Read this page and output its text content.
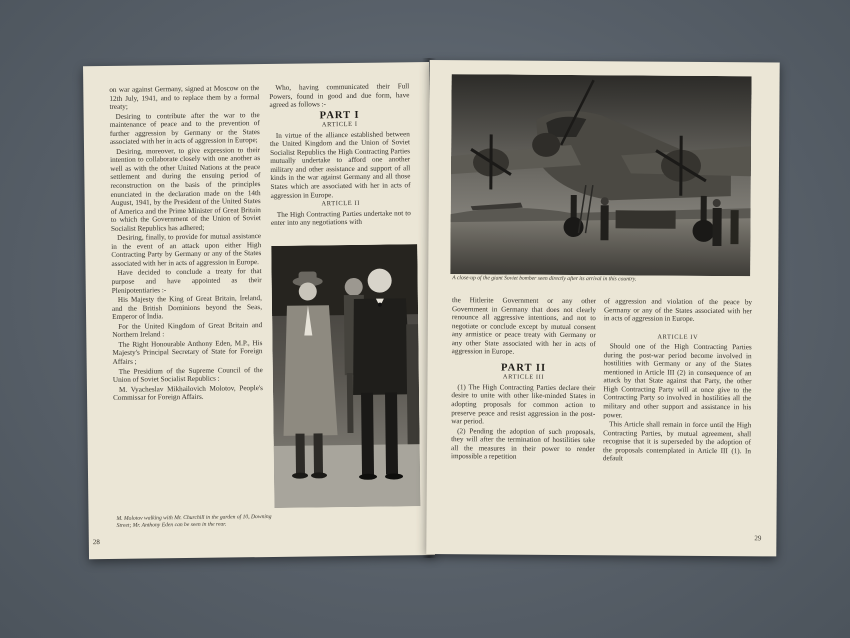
on war against Germany, signed at Moscow on the 12th July, 1941, and to replace them by a formal treaty;

Desiring to contribute after the war to the maintenance of peace and to the prevention of further aggression by Germany or the States associated with her in acts of aggression in Europe;

Desiring, moreover, to give expression to their intention to collaborate closely with one another as well as with the other United Nations at the peace settlement and during the ensuing period of reconstruction on the basis of the principles enunciated in the declaration made on the 14th August, 1941, by the President of the United States of America and the Prime Minister of Great Britain to which the Government of the Union of Soviet Socialist Republics has adhered;

Desiring, finally, to provide for mutual assistance in the event of an attack upon either High Contracting Party by Germany or any of the States associated with her in acts of aggression in Europe.

Have decided to conclude a treaty for that purpose and have appointed as their Plenipotentiaries :-

His Majesty the King of Great Britain, Ireland, and the British Dominions beyond the Seas, Emperor of India.

For the United Kingdom of Great Britain and Northern Ireland :

The Right Honourable Anthony Eden, M.P., His Majesty's Principal Secretary of State for Foreign Affairs ;

The Presidium of the Supreme Council of the Union of Soviet Socialist Republics :

M. Vyacheslav Mikhailovich Molotov, People's Commissar for Foreign Affairs.

Who, having communicated their Full Powers, found in good and due form, have agreed as follows :-

PART I
ARTICLE I

In virtue of the alliance established between the United Kingdom and the Union of Soviet Socialist Republics the High Contracting Parties mutually undertake to afford one another military and other assistance and support of all kinds in the war against Germany and all those States which are associated with her in acts of aggression in Europe.

ARTICLE II

The High Contracting Parties undertake not to enter into any negotiations with

M. Molotov walking with Mr. Churchill in the garden of 10, Downing Street; Mr. Anthony Eden can be seen in the rear.
28
A close-up of the giant Soviet bomber seen directly after its arrival in this country.

the Hitlerite Government or any other Government in Germany that does not clearly renounce all aggressive intentions, and not to negotiate or conclude except by mutual consent any armistice or peace treaty with Germany or any other State associated with her in acts of aggression in Europe.

PART II
ARTICLE III

(1) The High Contracting Parties declare their desire to unite with other like-minded States in adopting proposals for common action to preserve peace and resist aggression in the post-war period.

(2) Pending the adoption of such proposals, they will after the termination of hostilities take all the measures in their power to render impossible a repetition

of aggression and violation of the peace by Germany or any of the States associated with her in acts of aggression in Europe.

ARTICLE IV

Should one of the High Contracting Parties during the post-war period become involved in hostilities with Germany or any of the States mentioned in Article III (2) in consequence of an attack by that State against that Party, the other High Contracting Party will at once give to the Contracting Party so involved in hostilities all the military and other support and assistance in his power.

This Article shall remain in force until the High Contracting Parties, by mutual agreement, shall recognise that it is superseded by the adoption of the proposals contemplated in Article III (1). In default

29
